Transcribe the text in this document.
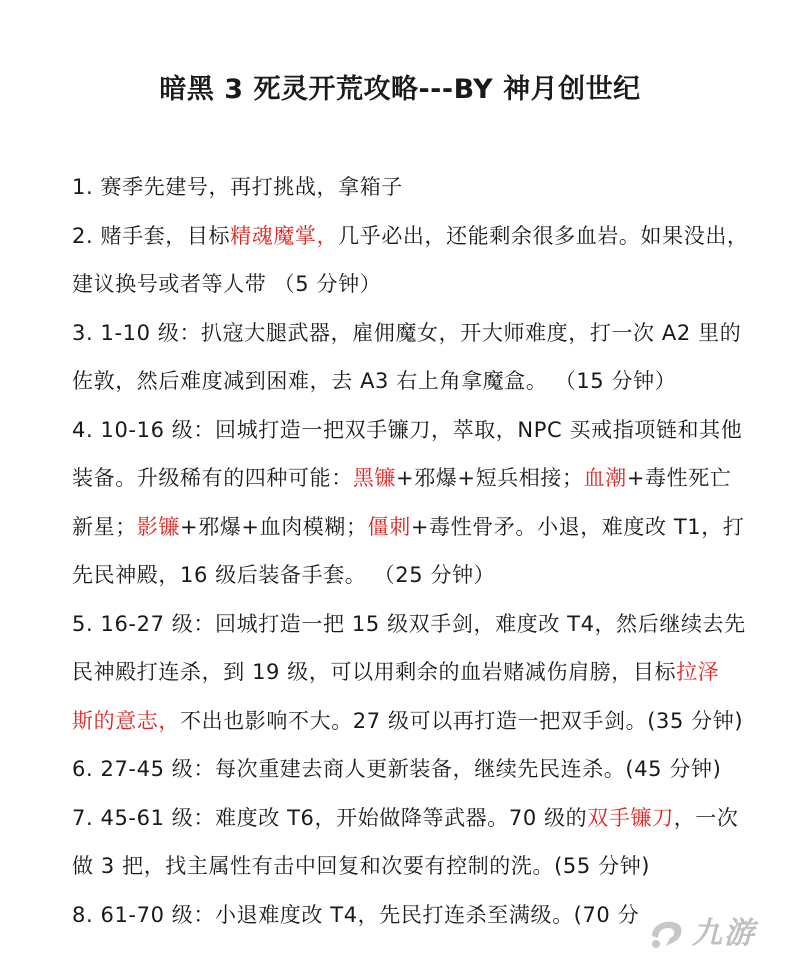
暗黑 3 死灵开荒攻略---BY 神月创世纪
1. 赛季先建号，再打挑战，拿箱子
2. 赌手套，目标精魂魔掌，几乎必出，还能剩余很多血岩。如果没出，
建议换号或者等人带 （5 分钟）
3. 1-10 级：扒寇大腿武器，雇佣魔女，开大师难度，打一次 A2 里的
佐敦，然后难度减到困难，去 A3 右上角拿魔盒。 （15 分钟）
4. 10-16 级：回城打造一把双手镰刀，萃取，NPC 买戒指项链和其他
装备。升级稀有的四种可能：黑镰+邪爆+短兵相接；血潮+毒性死亡
新星；影镰+邪爆+血肉模糊；僵刺+毒性骨矛。小退，难度改 T1，打
先民神殿，16 级后装备手套。 （25 分钟）
5. 16-27 级：回城打造一把 15 级双手剑，难度改 T4，然后继续去先
民神殿打连杀，到 19 级，可以用剩余的血岩赌减伤肩膀，目标拉泽
斯的意志，不出也影响不大。27 级可以再打造一把双手剑。(35 分钟)
6. 27-45 级：每次重建去商人更新装备，继续先民连杀。(45 分钟)
7. 45-61 级：难度改 T6，开始做降等武器。70 级的双手镰刀，一次
做 3 把，找主属性有击中回复和次要有控制的洗。(55 分钟)
8. 61-70 级：小退难度改 T4，先民打连杀至满级。(70 分
九游
